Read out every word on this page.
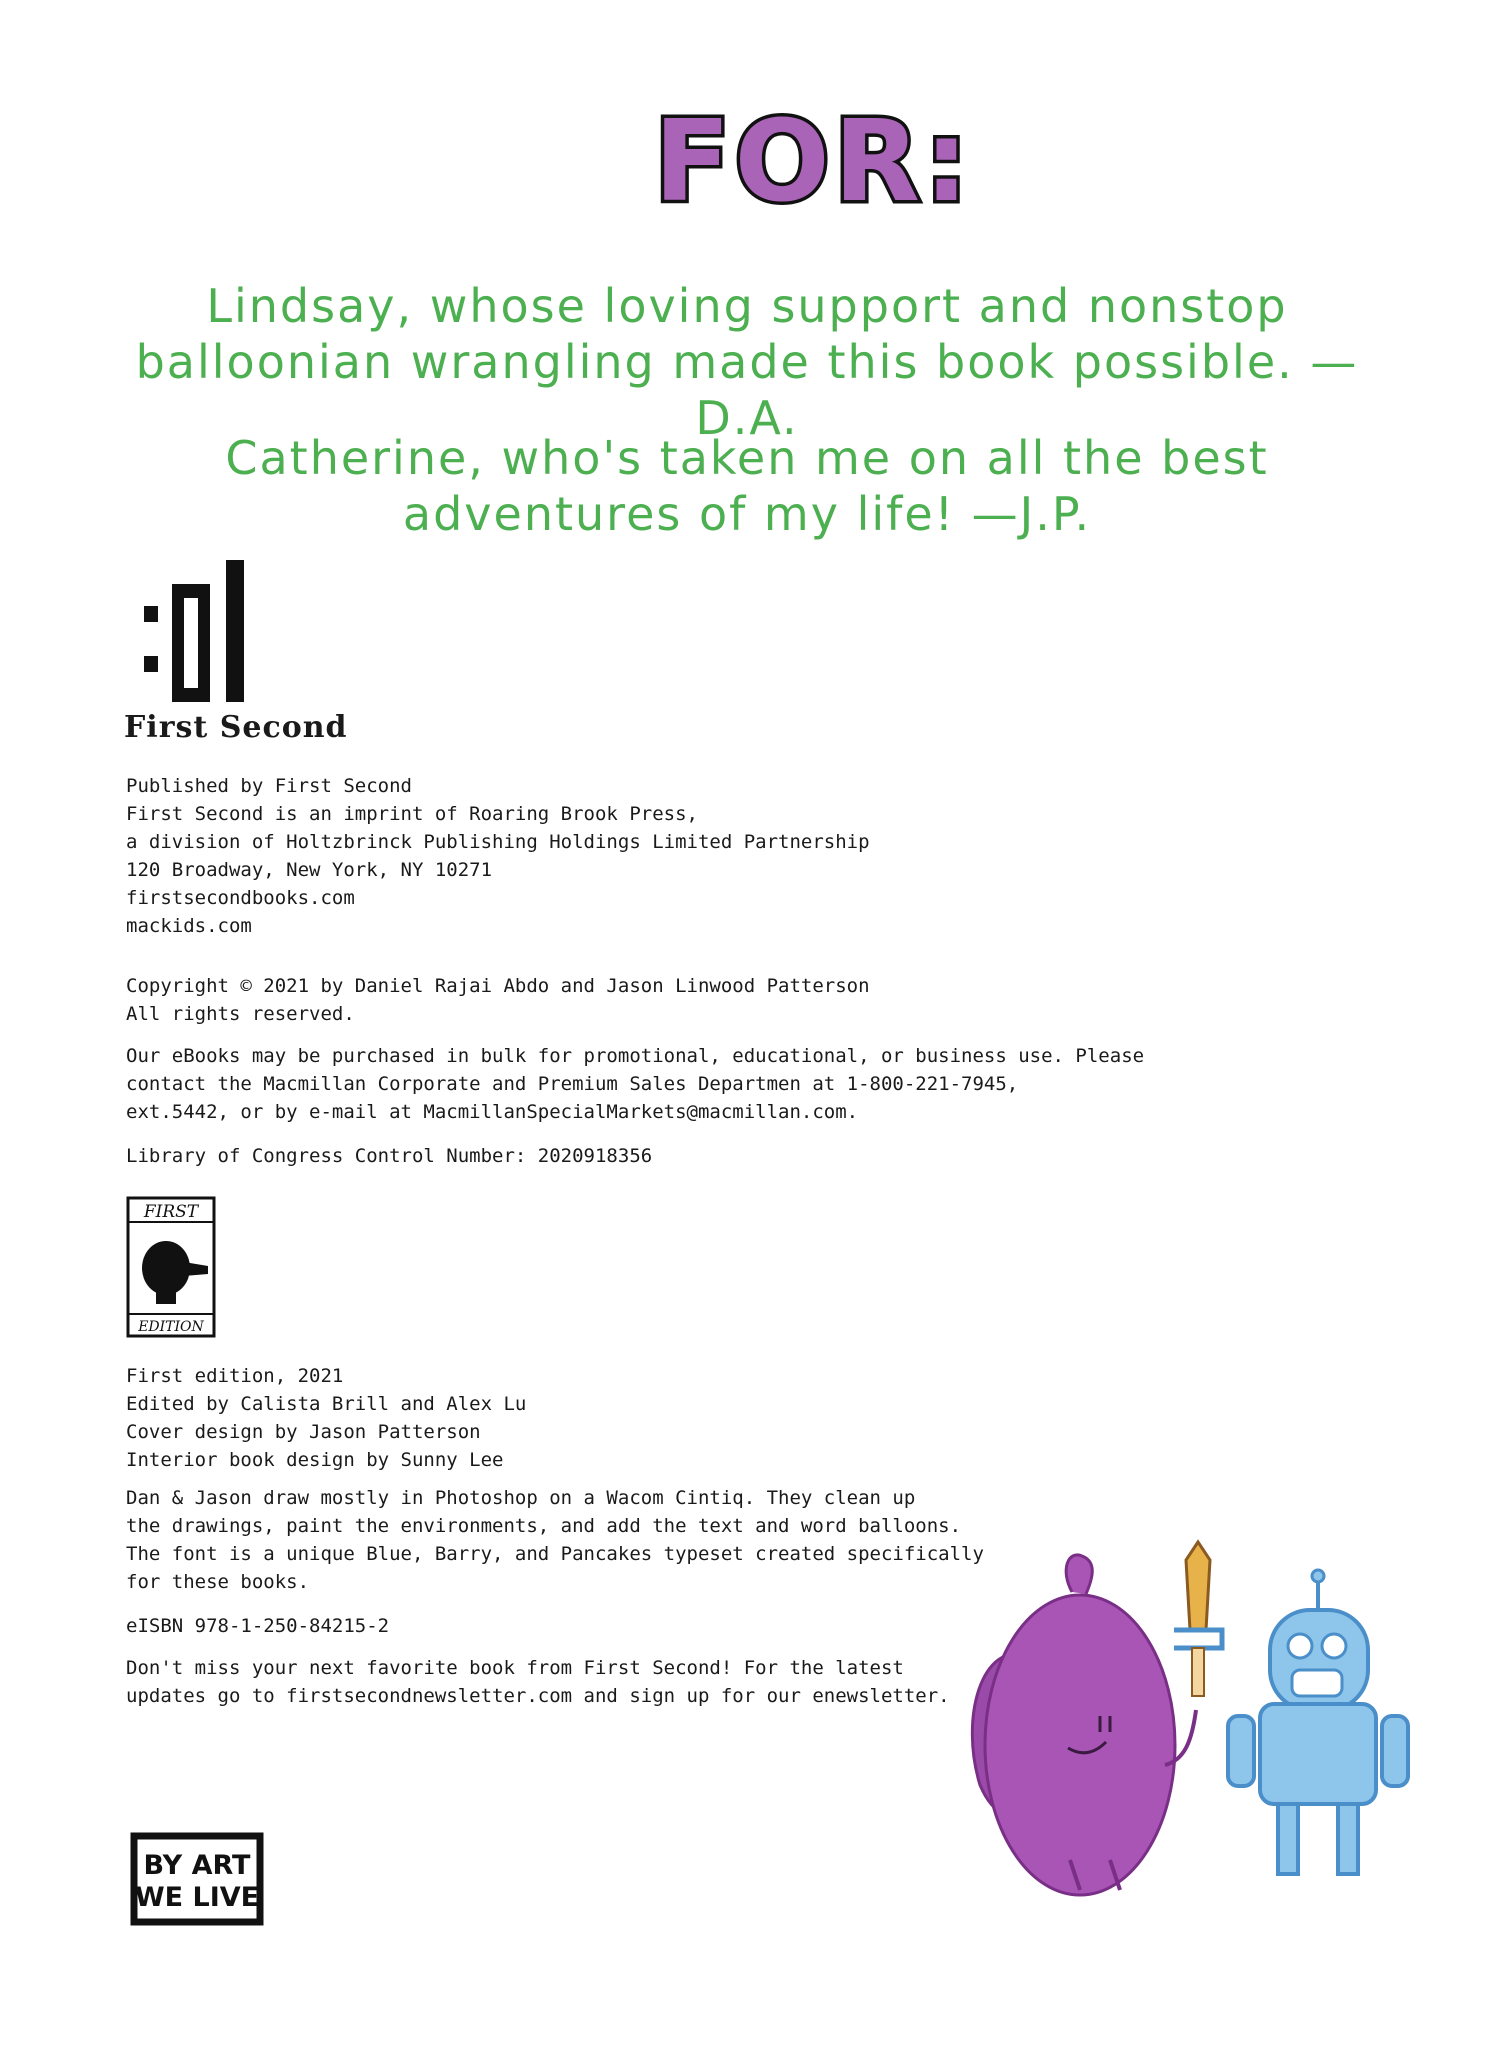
FOR:
Lindsay, whose loving support and nonstop
balloonian wrangling made this book possible. —D.A.
Catherine, who's taken me on all the best
adventures of my life! —J.P.
First Second
Published by First Second
First Second is an imprint of Roaring Brook Press,
a division of Holtzbrinck Publishing Holdings Limited Partnership
120 Broadway, New York, NY 10271
firstsecondbooks.com
mackids.com
Copyright © 2021 by Daniel Rajai Abdo and Jason Linwood Patterson
All rights reserved.
Our eBooks may be purchased in bulk for promotional, educational, or business use. Please
contact the Macmillan Corporate and Premium Sales Departmen at 1-800-221-7945,
ext.5442, or by e-mail at MacmillanSpecialMarkets@macmillan.com.
Library of Congress Control Number: 2020918356
FIRST
EDITION
First edition, 2021
Edited by Calista Brill and Alex Lu
Cover design by Jason Patterson
Interior book design by Sunny Lee
Dan & Jason draw mostly in Photoshop on a Wacom Cintiq. They clean up
the drawings, paint the environments, and add the text and word balloons.
The font is a unique Blue, Barry, and Pancakes typeset created specifically
for these books.
eISBN 978-1-250-84215-2
Don't miss your next favorite book from First Second! For the latest
updates go to firstsecondnewsletter.com and sign up for our enewsletter.
BY ART
WE LIVE
